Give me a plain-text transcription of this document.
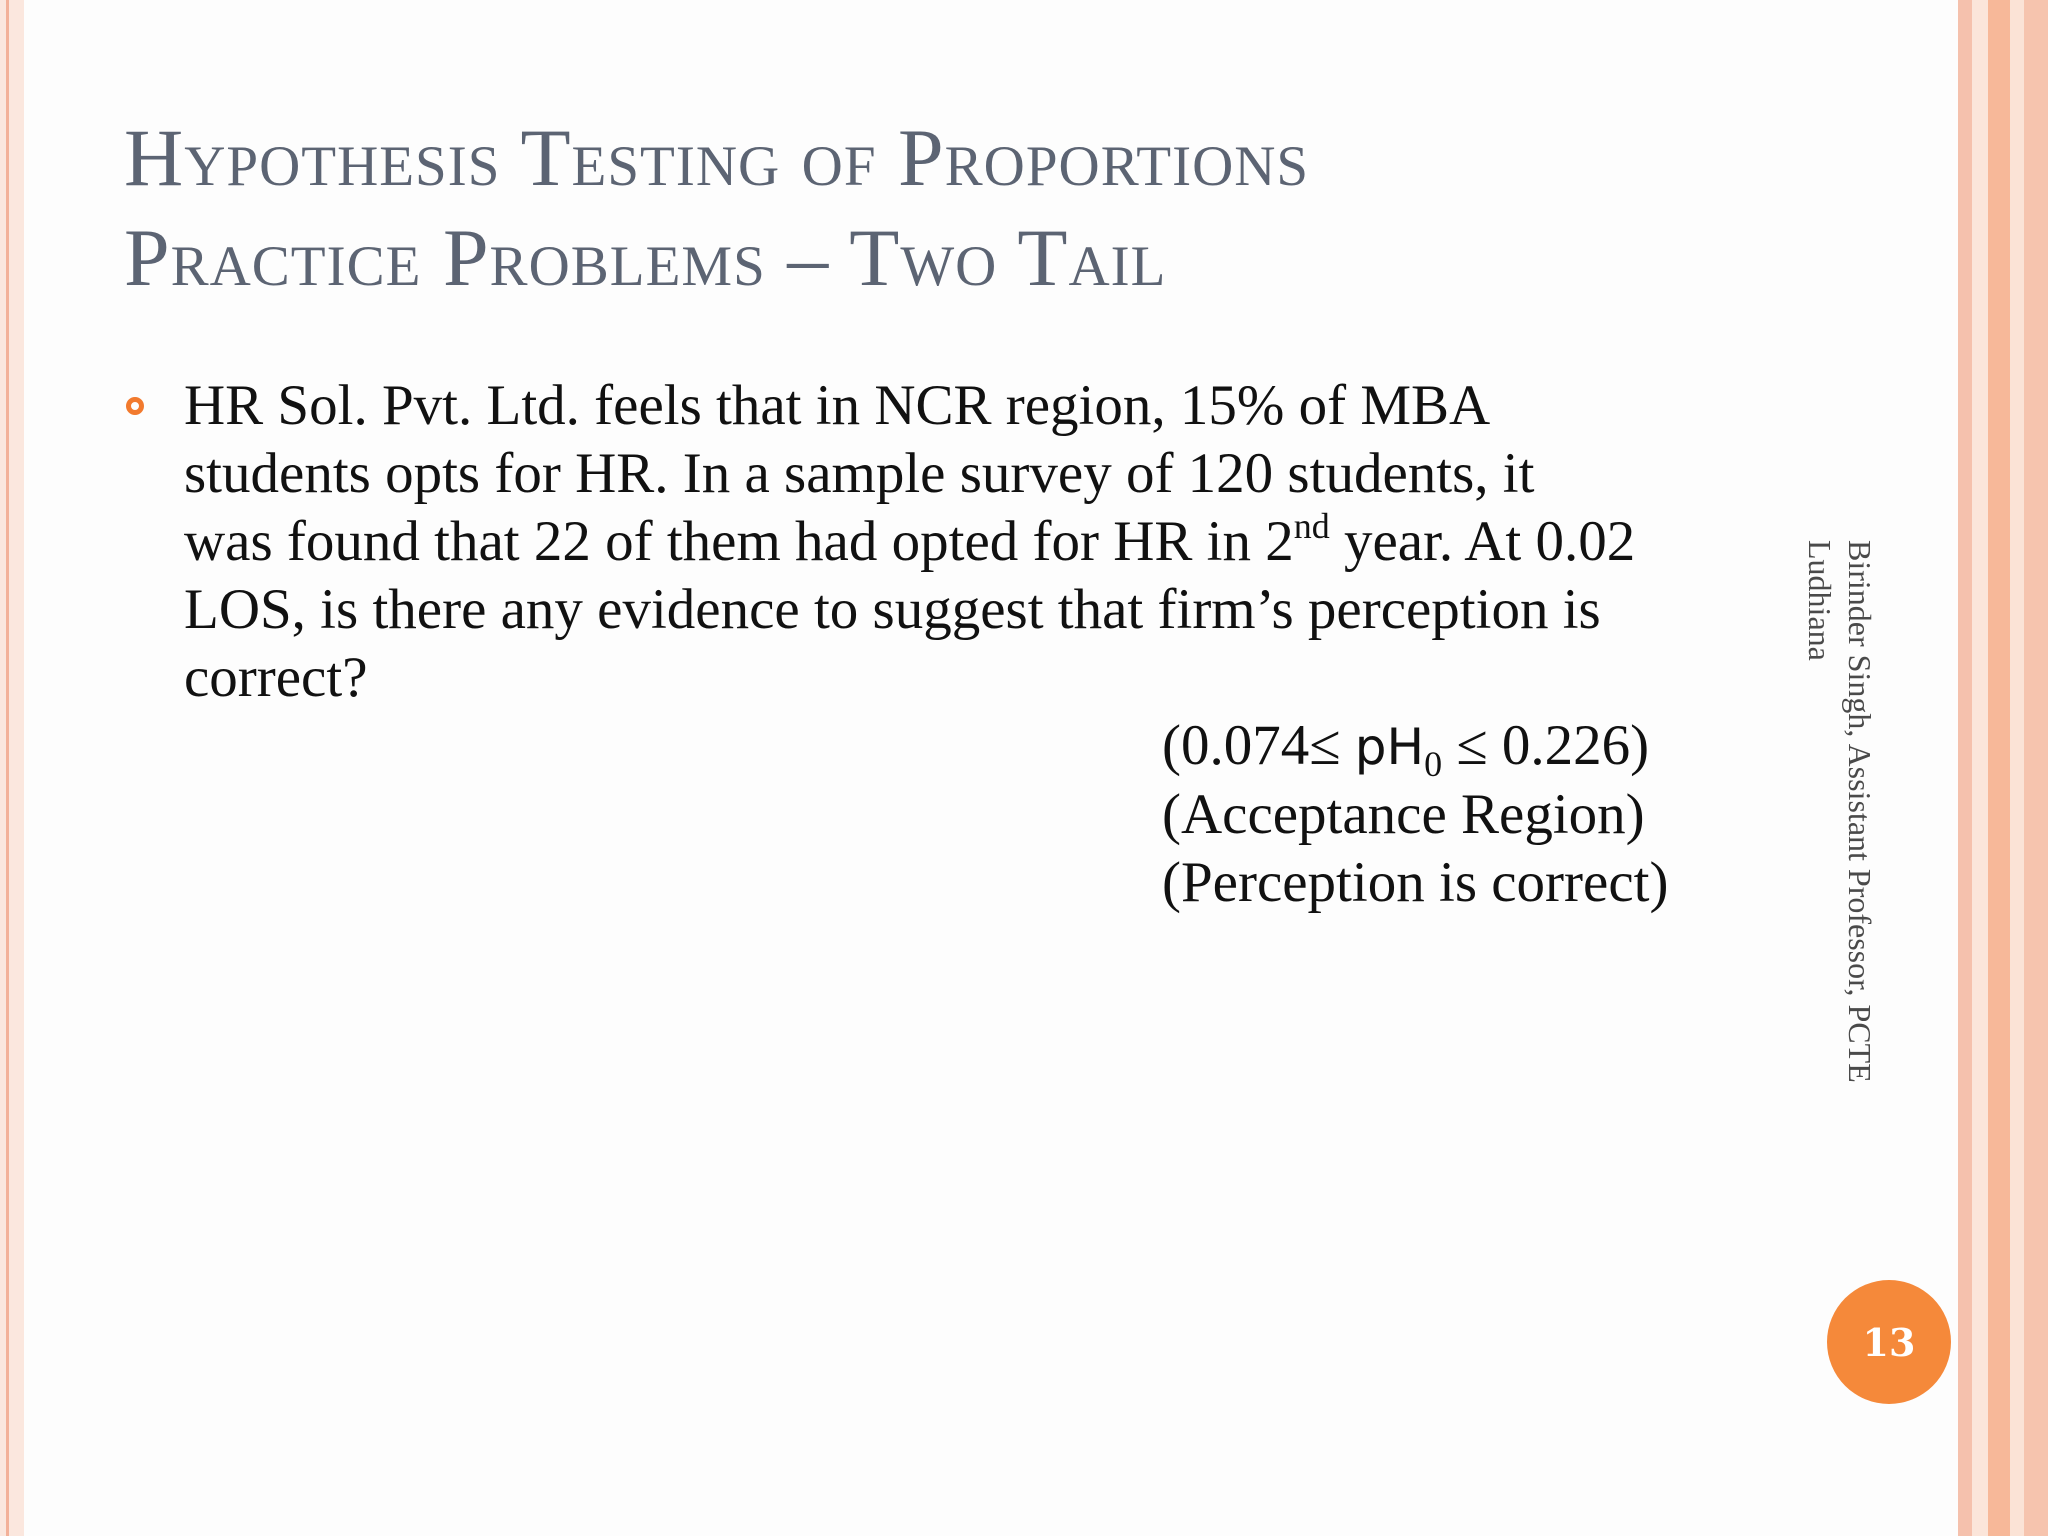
Hypothesis Testing of Proportions
Practice Problems – Two Tail
HR Sol. Pvt. Ltd. feels that in NCR region, 15% of MBA
students opts for HR. In a sample survey of 120 students, it
was found that 22 of them had opted for HR in 2nd year. At 0.02
LOS, is there any evidence to suggest that firm’s perception is
correct?
$(0.074\le pH_0 \le 0.226)$
(Acceptance Region)
(Perception is correct)	Birinder Singh, Assistant Professor, PCTE
Ludhiana
13
